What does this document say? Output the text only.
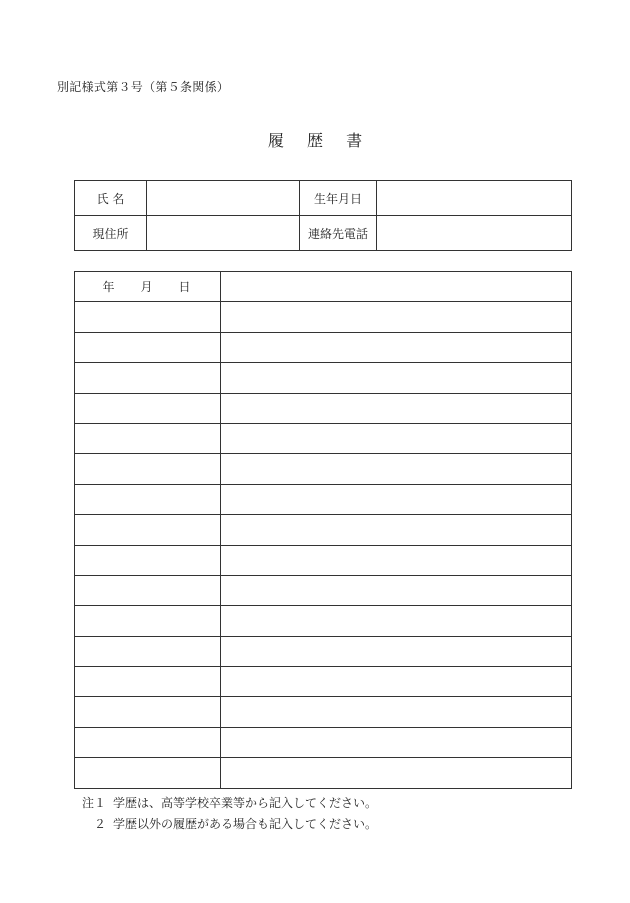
別記様式第３号（第５条関係）
履 歴 書
氏 名		生年月日	
現住所		連絡先電話	
年 月 日	

注１ 学歴は、高等学校卒業等から記入してください。
２ 学歴以外の履歴がある場合も記入してください。
